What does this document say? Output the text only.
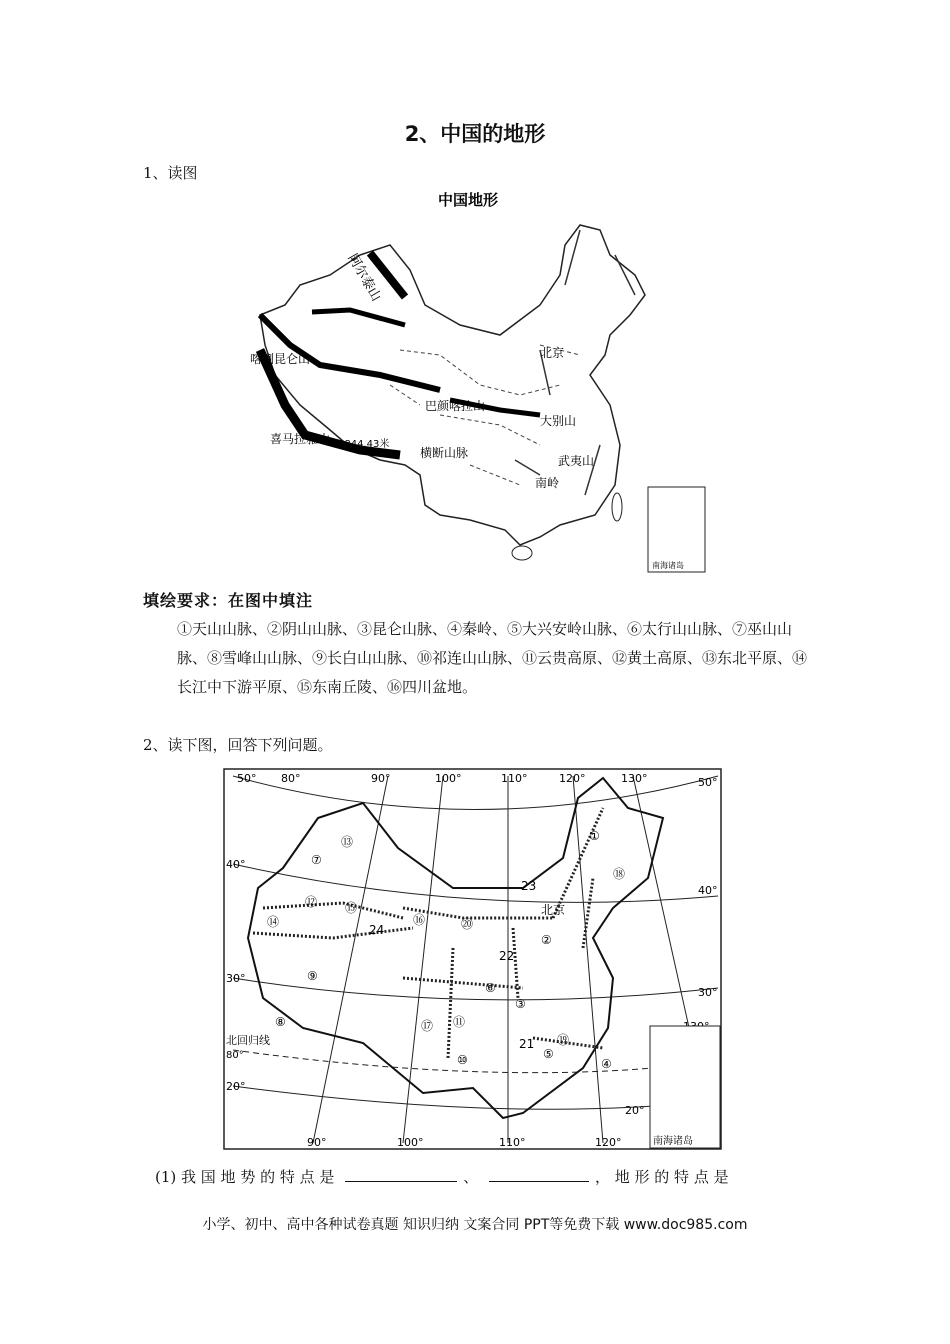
2、中国的地形
1、读图
中国地形
阿尔泰山
喀喇昆仑山
喜马拉雅山 8844.43米
巴颜喀拉山
横断山脉
北京
大别山
南岭
武夷山
南海诸岛
填绘要求：在图中填注
①天山山脉、②阴山山脉、③昆仑山脉、④秦岭、⑤大兴安岭山脉、⑥太行山山脉、⑦巫山山脉、⑧雪峰山山脉、⑨长白山山脉、⑩祁连山山脉、⑪云贵高原、⑫黄土高原、⑬东北平原、⑭长江中下游平原、⑮东南丘陵、⑯四川盆地。
2、读下图，回答下列问题。
50° 80°	90°	100°	110°	120°	130°	50°
90°	100°	110°	120°
40°
30°
北回归线
80°
20°
40°
30°
20°
北京
①
②
③
④
⑤
⑥
⑦
⑧
⑨
⑩
⑪
⑫
⑬
⑭
⑮
⑯
⑰
⑱
⑲
⑳
21
22
23
24
南海诸岛
(1) 我 国 地 势 的 特 点 是	、	， 地 形 的 特 点 是
小学、初中、高中各种试卷真题 知识归纳 文案合同 PPT等免费下载 www.doc985.com
